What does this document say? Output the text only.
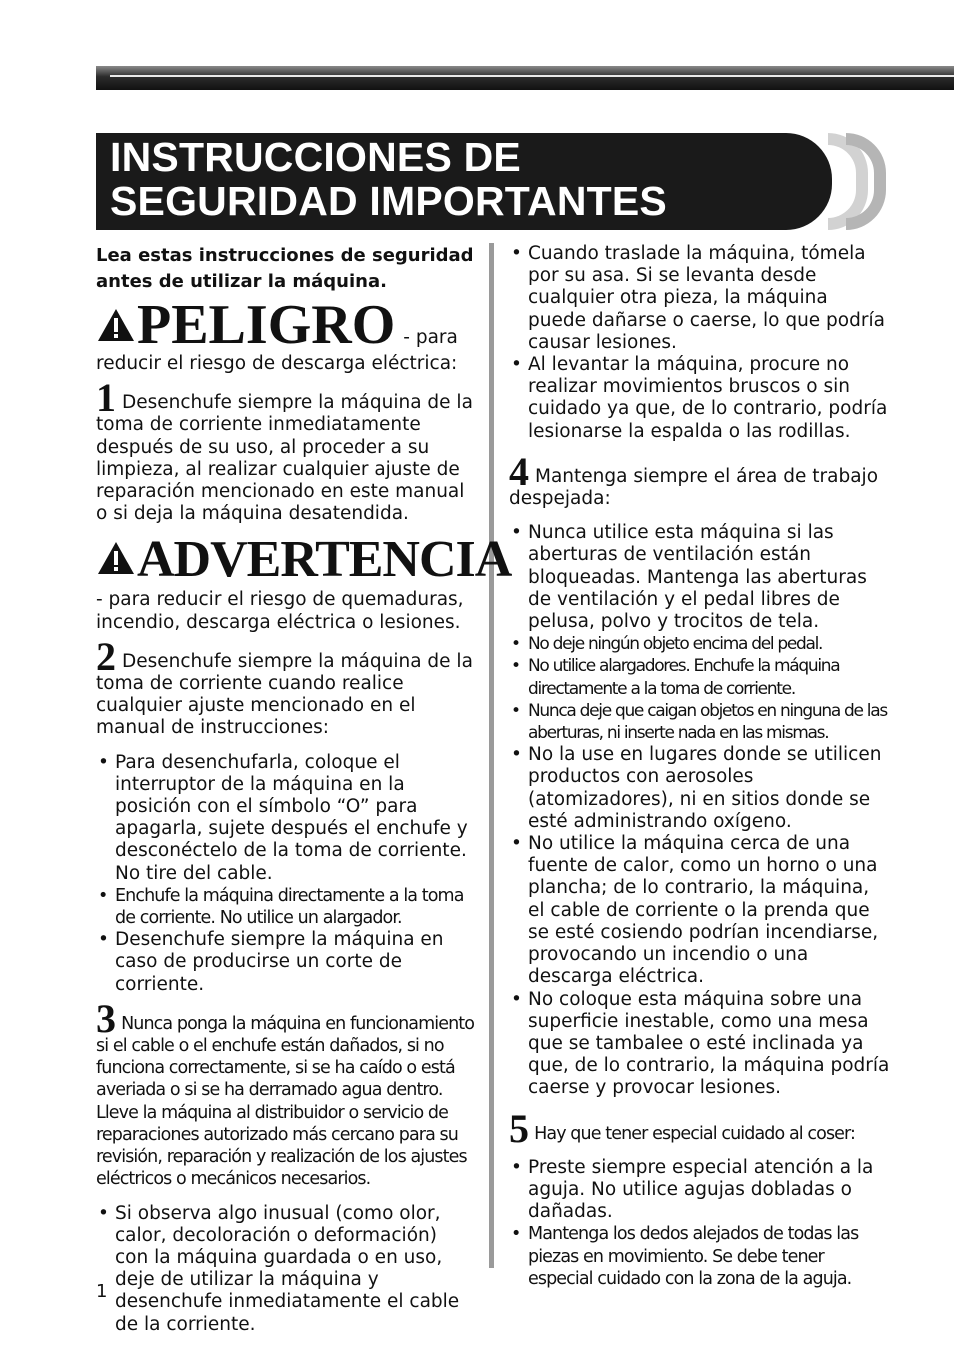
INSTRUCCIONES DE
SEGURIDAD IMPORTANTES

Lea estas instrucciones de seguridad antes de utilizar la máquina.

PELIGRO - para

reducir el riesgo de descarga eléctrica:

1 Desenchufe siempre la máquina de la toma de corriente inmediatamente después de su uso, al proceder a su limpieza, al realizar cualquier ajuste de reparación mencionado en este manual o si deja la máquina desatendida.

ADVERTENCIA

- para reducir el riesgo de quemaduras, incendio, descarga eléctrica o lesiones.

2 Desenchufe siempre la máquina de la toma de corriente cuando realice cualquier ajuste mencionado en el manual de instrucciones:

• Para desenchufarla, coloque el interruptor de la máquina en la posición con el símbolo “O” para apagarla, sujete después el enchufe y desconéctelo de la toma de corriente. No tire del cable.
• Enchufe la máquina directamente a la toma de corriente. No utilice un alargador.
• Desenchufe siempre la máquina en caso de producirse un corte de corriente.

3 Nunca ponga la máquina en funcionamiento si el cable o el enchufe están dañados, si no funciona correctamente, si se ha caído o está averiada o si se ha derramado agua dentro. Lleve la máquina al distribuidor o servicio de reparaciones autorizado más cercano para su revisión, reparación y realización de los ajustes eléctricos o mecánicos necesarios.

• Si observa algo inusual (como olor, calor, decoloración o deformación) con la máquina guardada o en uso, deje de utilizar la máquina y desenchufe inmediatamente el cable de la corriente.
• Cuando traslade la máquina, tómela por su asa. Si se levanta desde cualquier otra pieza, la máquina puede dañarse o caerse, lo que podría causar lesiones.
• Al levantar la máquina, procure no realizar movimientos bruscos o sin cuidado ya que, de lo contrario, podría lesionarse la espalda o las rodillas.

4 Mantenga siempre el área de trabajo despejada:

• Nunca utilice esta máquina si las aberturas de ventilación están bloqueadas. Mantenga las aberturas de ventilación y el pedal libres de pelusa, polvo y trocitos de tela.
• No deje ningún objeto encima del pedal.
• No utilice alargadores. Enchufe la máquina directamente a la toma de corriente.
• Nunca deje que caigan objetos en ninguna de las aberturas, ni inserte nada en las mismas.
• No la use en lugares donde se utilicen productos con aerosoles (atomizadores), ni en sitios donde se esté administrando oxígeno.
• No utilice la máquina cerca de una fuente de calor, como un horno o una plancha; de lo contrario, la máquina, el cable de corriente o la prenda que se esté cosiendo podrían incendiarse, provocando un incendio o una descarga eléctrica.
• No coloque esta máquina sobre una superficie inestable, como una mesa que se tambalee o esté inclinada ya que, de lo contrario, la máquina podría caerse y provocar lesiones.

5 Hay que tener especial cuidado al coser:

• Preste siempre especial atención a la aguja. No utilice agujas dobladas o dañadas.
• Mantenga los dedos alejados de todas las piezas en movimiento. Se debe tener especial cuidado con la zona de la aguja.
1
